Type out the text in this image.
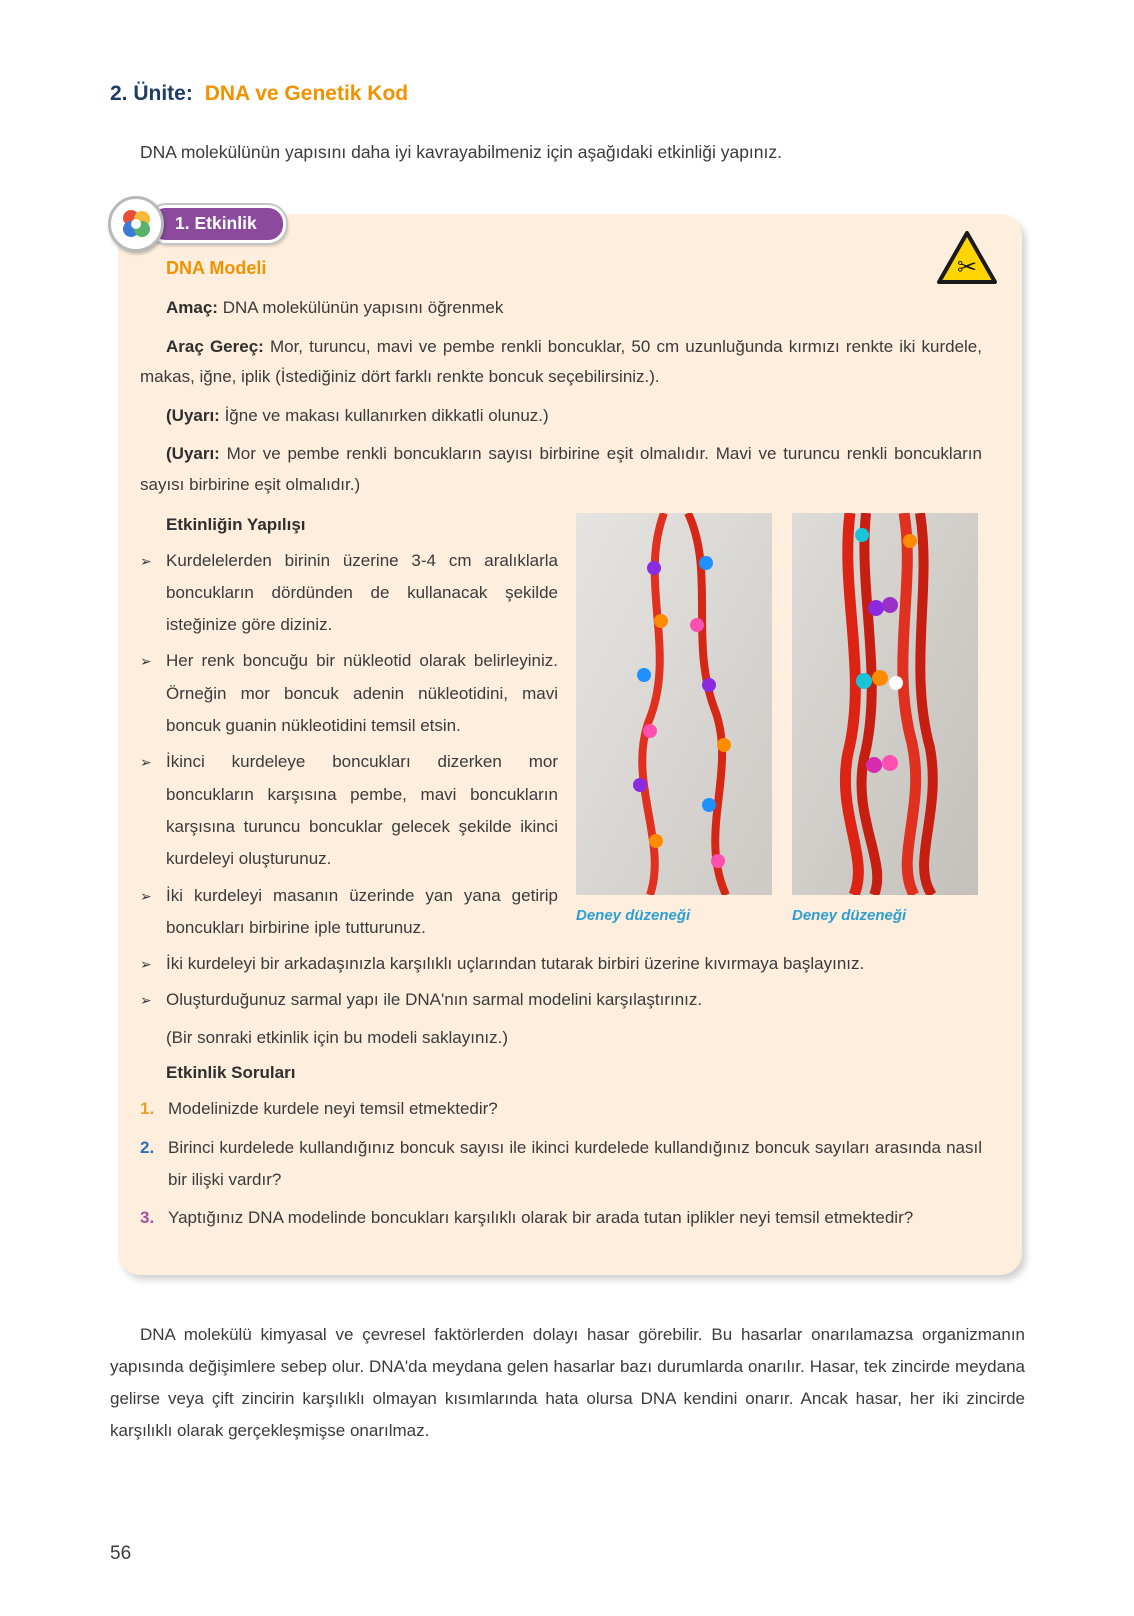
2. Ünite: DNA ve Genetik Kod

DNA molekülünün yapısını daha iyi kavrayabilmeniz için aşağıdaki etkinliği yapınız.

1. Etkinlik
✂
DNA Modeli

Amaç: DNA molekülünün yapısını öğrenmek

Araç Gereç: Mor, turuncu, mavi ve pembe renkli boncuklar, 50 cm uzunluğunda kırmızı renkte iki kurdele, makas, iğne, iplik (İstediğiniz dört farklı renkte boncuk seçebilirsiniz.).

(Uyarı: İğne ve makası kullanırken dikkatli olunuz.)

(Uyarı: Mor ve pembe renkli boncukların sayısı birbirine eşit olmalıdır. Mavi ve turuncu renkli boncukların sayısı birbirine eşit olmalıdır.)

Etkinliğin Yapılışı
➢ Kurdelelerden birinin üzerine 3-4 cm aralıklarla boncukların dördünden de kullanacak şekilde isteğinize göre diziniz.
➢ Her renk boncuğu bir nükleotid olarak belirleyiniz. Örneğin mor boncuk adenin nükleotidini, mavi boncuk guanin nükleotidini temsil etsin.
➢ İkinci kurdeleye boncukları dizerken mor boncukların karşısına pembe, mavi boncukların karşısına turuncu boncuklar gelecek şekilde ikinci kurdeleyi oluşturunuz.
➢ İki kurdeleyi masanın üzerinde yan yana getirip boncukları birbirine iple tutturunuz.
Deney düzeneği	Deney düzeneği
➢ İki kurdeleyi bir arkadaşınızla karşılıklı uçlarından tutarak birbiri üzerine kıvırmaya başlayınız.
➢ Oluşturduğunuz sarmal yapı ile DNA'nın sarmal modelini karşılaştırınız.

(Bir sonraki etkinlik için bu modeli saklayınız.)

Etkinlik Soruları
1. Modelinizde kurdele neyi temsil etmektedir?
2. Birinci kurdelede kullandığınız boncuk sayısı ile ikinci kurdelede kullandığınız boncuk sayıları arasında nasıl bir ilişki vardır?
3. Yaptığınız DNA modelinde boncukları karşılıklı olarak bir arada tutan iplikler neyi temsil etmektedir?

DNA molekülü kimyasal ve çevresel faktörlerden dolayı hasar görebilir. Bu hasarlar onarılamazsa organizmanın yapısında değişimlere sebep olur. DNA'da meydana gelen hasarlar bazı durumlarda onarılır. Hasar, tek zincirde meydana gelirse veya çift zincirin karşılıklı olmayan kısımlarında hata olursa DNA kendini onarır. Ancak hasar, her iki zincirde karşılıklı olarak gerçekleşmişse onarılmaz.

56
